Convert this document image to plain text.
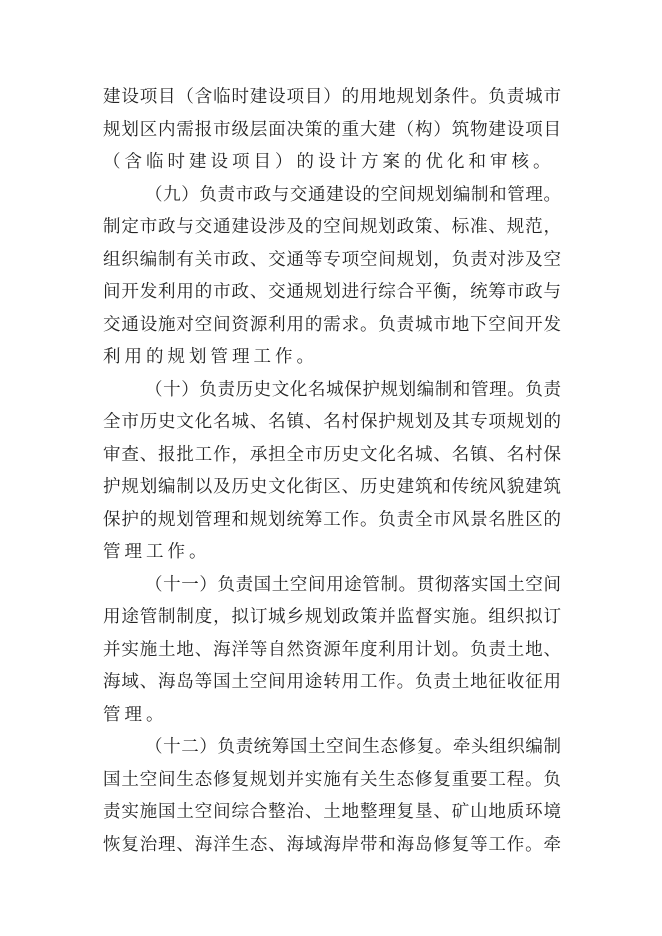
建设项目（含临时建设项目）的用地规划条件。负责城市
规划区内需报市级层面决策的重大建（构）筑物建设项目
（含临时建设项目）的设计方案的优化和审核。
（九）负责市政与交通建设的空间规划编制和管理。
制定市政与交通建设涉及的空间规划政策、标准、规范，
组织编制有关市政、交通等专项空间规划，负责对涉及空
间开发利用的市政、交通规划进行综合平衡，统筹市政与
交通设施对空间资源利用的需求。负责城市地下空间开发
利用的规划管理工作。
（十）负责历史文化名城保护规划编制和管理。负责
全市历史文化名城、名镇、名村保护规划及其专项规划的
审查、报批工作，承担全市历史文化名城、名镇、名村保
护规划编制以及历史文化街区、历史建筑和传统风貌建筑
保护的规划管理和规划统筹工作。负责全市风景名胜区的
管理工作。
（十一）负责国土空间用途管制。贯彻落实国土空间
用途管制制度，拟订城乡规划政策并监督实施。组织拟订
并实施土地、海洋等自然资源年度利用计划。负责土地、
海域、海岛等国土空间用途转用工作。负责土地征收征用
管理。
（十二）负责统筹国土空间生态修复。牵头组织编制
国土空间生态修复规划并实施有关生态修复重要工程。负
责实施国土空间综合整治、土地整理复垦、矿山地质环境
恢复治理、海洋生态、海域海岸带和海岛修复等工作。牵
